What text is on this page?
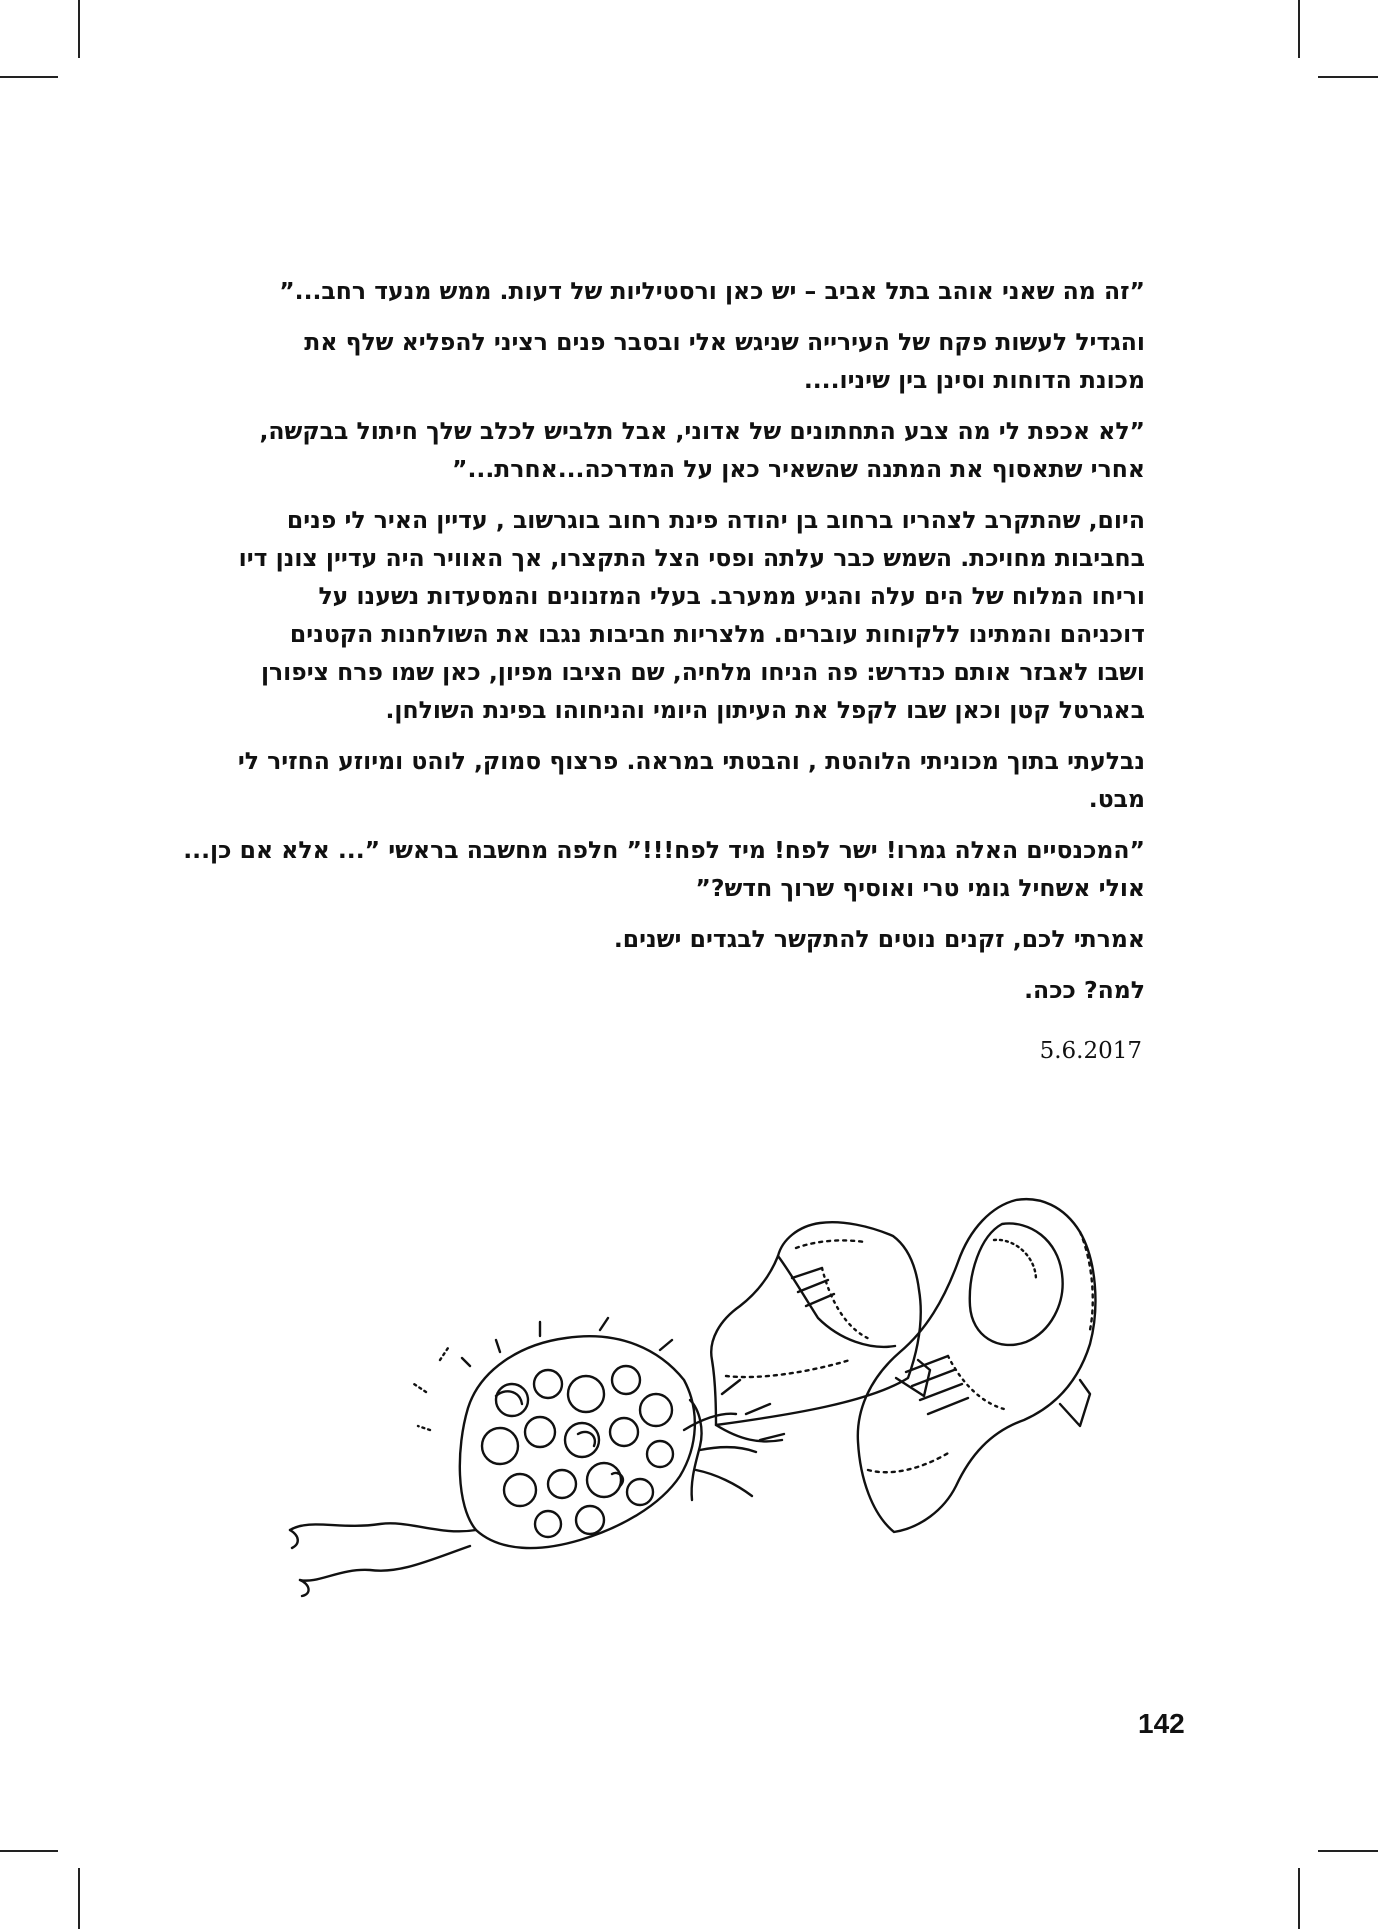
”זה מה שאני אוהב בתל אביב – יש כאן ורסטיליות של דעות. ממש מנעד רחב...”

והגדיל לעשות פקח של העירייה שניגש אלי ובסבר פנים רציני להפליא שלף את
מכונת הדוחות וסינן בין שיניו....

”לא אכפת לי מה צבע התחתונים של אדוני, אבל תלביש לכלב שלך חיתול בבקשה,
אחרי שתאסוף את המתנה שהשאיר כאן על המדרכה...אחרת...”

היום, שהתקרב לצהריו ברחוב בן יהודה פינת רחוב בוגרשוב , עדיין האיר לי פנים
בחביבות מחויכת. השמש כבר עלתה ופסי הצל התקצרו, אך האוויר היה עדיין צונן דיו
וריחו המלוח של הים עלה והגיע ממערב. בעלי המזנונים והמסעדות נשענו על
דוכניהם והמתינו ללקוחות עוברים. מלצריות חביבות נגבו את השולחנות הקטנים
ושבו לאבזר אותם כנדרש: פה הניחו מלחיה, שם הציבו מפיון, כאן שמו פרח ציפורן
באגרטל קטן וכאן שבו לקפל את העיתון היומי והניחוהו בפינת השולחן.

נבלעתי בתוך מכוניתי הלוהטת , והבטתי במראה. פרצוף סמוק, לוהט ומיוזע החזיר לי
מבט.

”המכנסיים האלה גמרו! ישר לפח! מיד לפח!!!” חלפה מחשבה בראשי ”... אלא אם כן...
אולי אשחיל גומי טרי ואוסיף שרוך חדש?”

אמרתי לכם, זקנים נוטים להתקשר לבגדים ישנים.

למה? ככה.

5.6.2017
142
